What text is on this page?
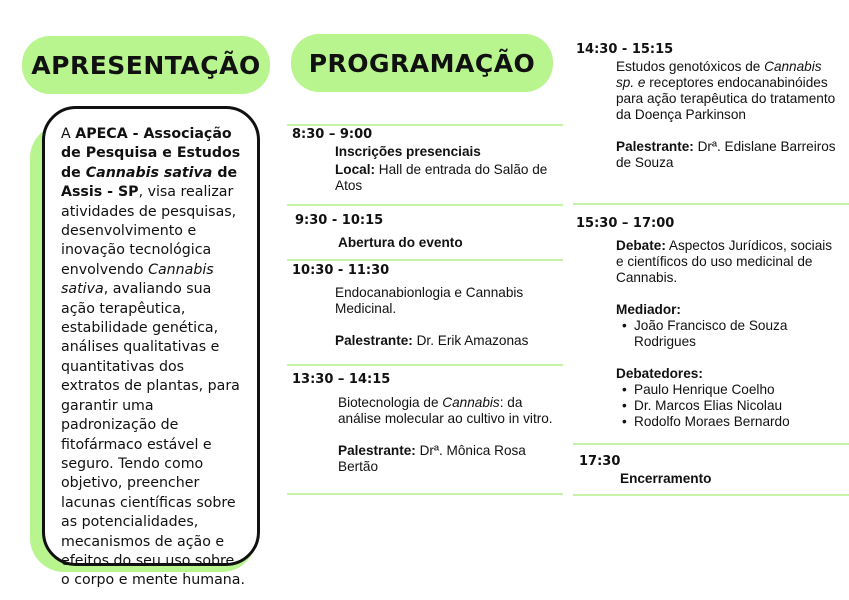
APRESENTAÇÃO	PROGRAMAÇÃO

A APECA - Associação de Pesquisa e Estudos de Cannabis sativa de Assis - SP, visa realizar atividades de pesquisas, desenvolvimento e inovação tecnológica envolvendo Cannabis sativa, avaliando sua ação terapêutica, estabilidade genética, análises qualitativas e quantitativas dos extratos de plantas, para garantir uma padronização de fitofármaco estável e seguro. Tendo como objetivo, preencher lacunas científicas sobre as potencialidades, mecanismos de ação e efeitos do seu uso sobre o corpo e mente humana.

8:30 – 9:00
Inscrições presenciais
Local: Hall de entrada do Salão de Atos
9:30 - 10:15
Abertura do evento
10:30 - 11:30
Endocanabionlogia e Cannabis Medicinal.
Palestrante: Dr. Erik Amazonas
13:30 – 14:15
Biotecnologia de Cannabis: da análise molecular ao cultivo in vitro.
Palestrante: Drª. Mônica Rosa Bertão
14:30 - 15:15
Estudos genotóxicos de Cannabis sp. e receptores endocanabinóides para ação terapêutica do tratamento da Doença Parkinson
Palestrante: Drª. Edislane Barreiros de Souza
15:30 – 17:00
Debate: Aspectos Jurídicos, sociais e científicos do uso medicinal de Cannabis.
Mediador:
• João Francisco de Souza Rodrigues
Debatedores:
• Paulo Henrique Coelho
• Dr. Marcos Elias Nicolau
• Rodolfo Moraes Bernardo
17:30
Encerramento
